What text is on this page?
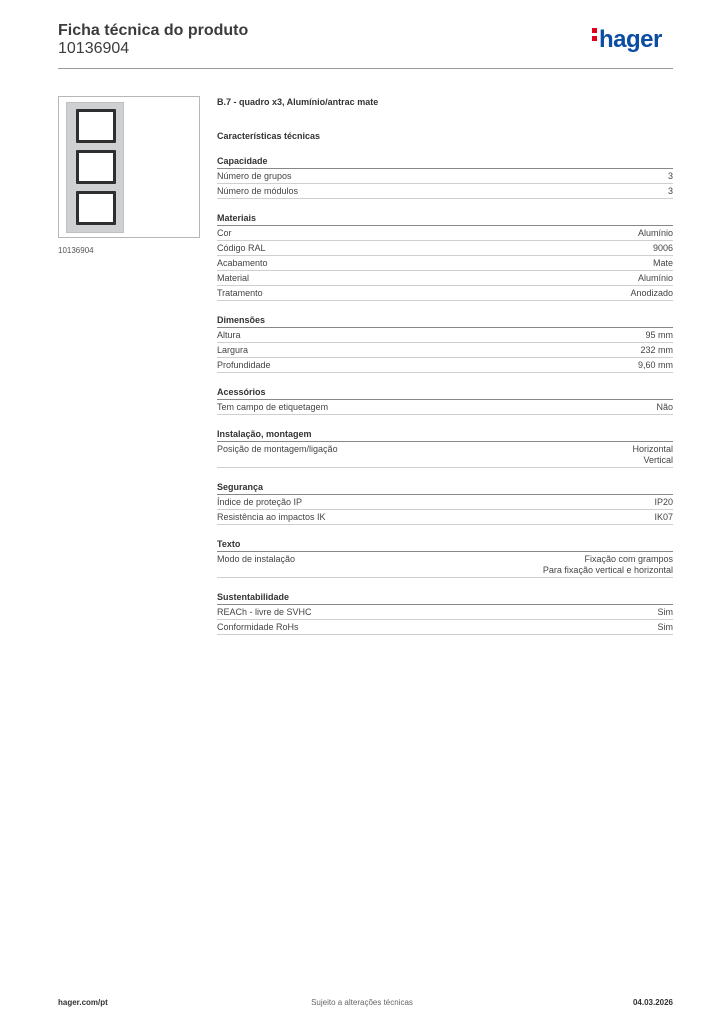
Ficha técnica do produto
10136904	hager
10136904
B.7 - quadro x3, Alumínio/antrac mate
Características técnicas
Capacidade
Número de grupos	3
Número de módulos	3
Materiais
Cor	Alumínio
Código RAL	9006
Acabamento	Mate
Material	Alumínio
Tratamento	Anodizado
Dimensões
Altura	95 mm
Largura	232 mm
Profundidade	9,60 mm
Acessórios
Tem campo de etiquetagem	Não
Instalação, montagem
Posição de montagem/ligação	Horizontal
Vertical
Segurança
Índice de proteção IP	IP20
Resistência ao impactos IK	IK07
Texto
Modo de instalação	Fixação com grampos
Para fixação vertical e horizontal
Sustentabilidade
REACh - livre de SVHC	Sim
Conformidade RoHs	Sim
hager.com/pt	Sujeito a alterações técnicas	04.03.2026
